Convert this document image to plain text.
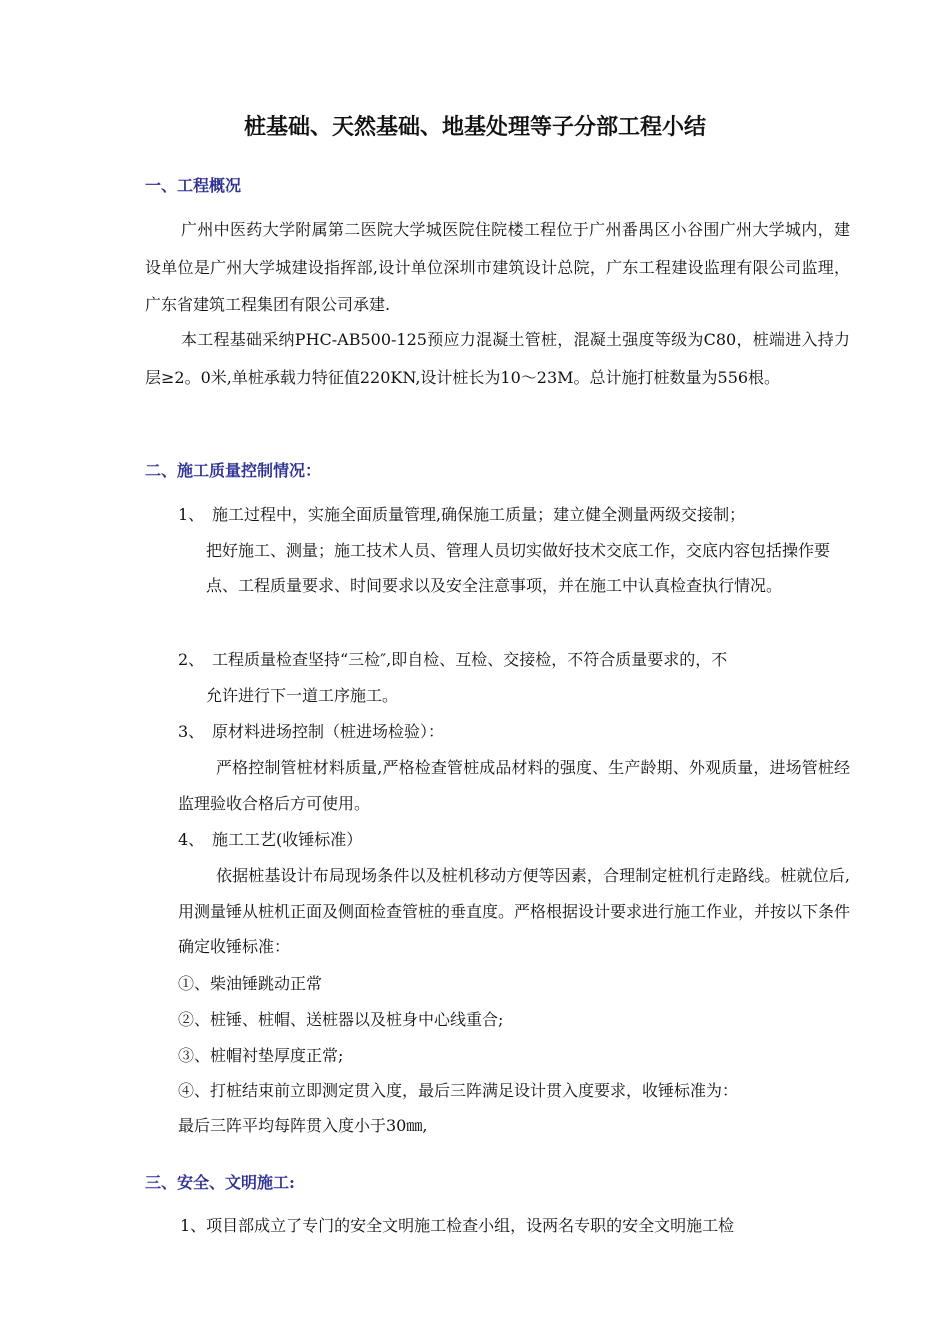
桩基础、天然基础、地基处理等子分部工程小结
一、工程概况

广州中医药大学附属第二医院大学城医院住院楼工程位于广州番禺区小谷围广州大学城内，建设单位是广州大学城建设指挥部,设计单位深圳市建筑设计总院，广东工程建设监理有限公司监理，广东省建筑工程集团有限公司承建.

本工程基础采纳PHC-AB500-125预应力混凝土管桩，混凝土强度等级为C80，桩端进入持力层≥2。0米,单桩承载力特征值220KN,设计桩长为10～23M。总计施打桩数量为556根。

二、施工质量控制情况：
1、 施工过程中，实施全面质量管理,确保施工质量；建立健全测量两级交接制；
把好施工、测量；施工技术人员、管理人员切实做好技术交底工作，交底内容包括操作要点、工程质量要求、时间要求以及安全注意事项，并在施工中认真检查执行情况。
2、 工程质量检查坚持“三检″,即自检、互检、交接检，不符合质量要求的，不
允许进行下一道工序施工。
3、 原材料进场控制（桩进场检验）：

严格控制管桩材料质量,严格检查管桩成品材料的强度、生产龄期、外观质量，进场管桩经监理验收合格后方可使用。

4、 施工工艺(收锤标准）

依据桩基设计布局现场条件以及桩机移动方便等因素，合理制定桩机行走路线。桩就位后,用测量锤从桩机正面及侧面检查管桩的垂直度。严格根据设计要求进行施工作业，并按以下条件确定收锤标准：

①、柴油锤跳动正常

②、桩锤、桩帽、送桩器以及桩身中心线重合;

③、桩帽衬垫厚度正常;

④、打桩结束前立即测定贯入度，最后三阵满足设计贯入度要求，收锤标准为：

最后三阵平均每阵贯入度小于30㎜,

三、安全、文明施工:

1、项目部成立了专门的安全文明施工检查小组，设两名专职的安全文明施工检
